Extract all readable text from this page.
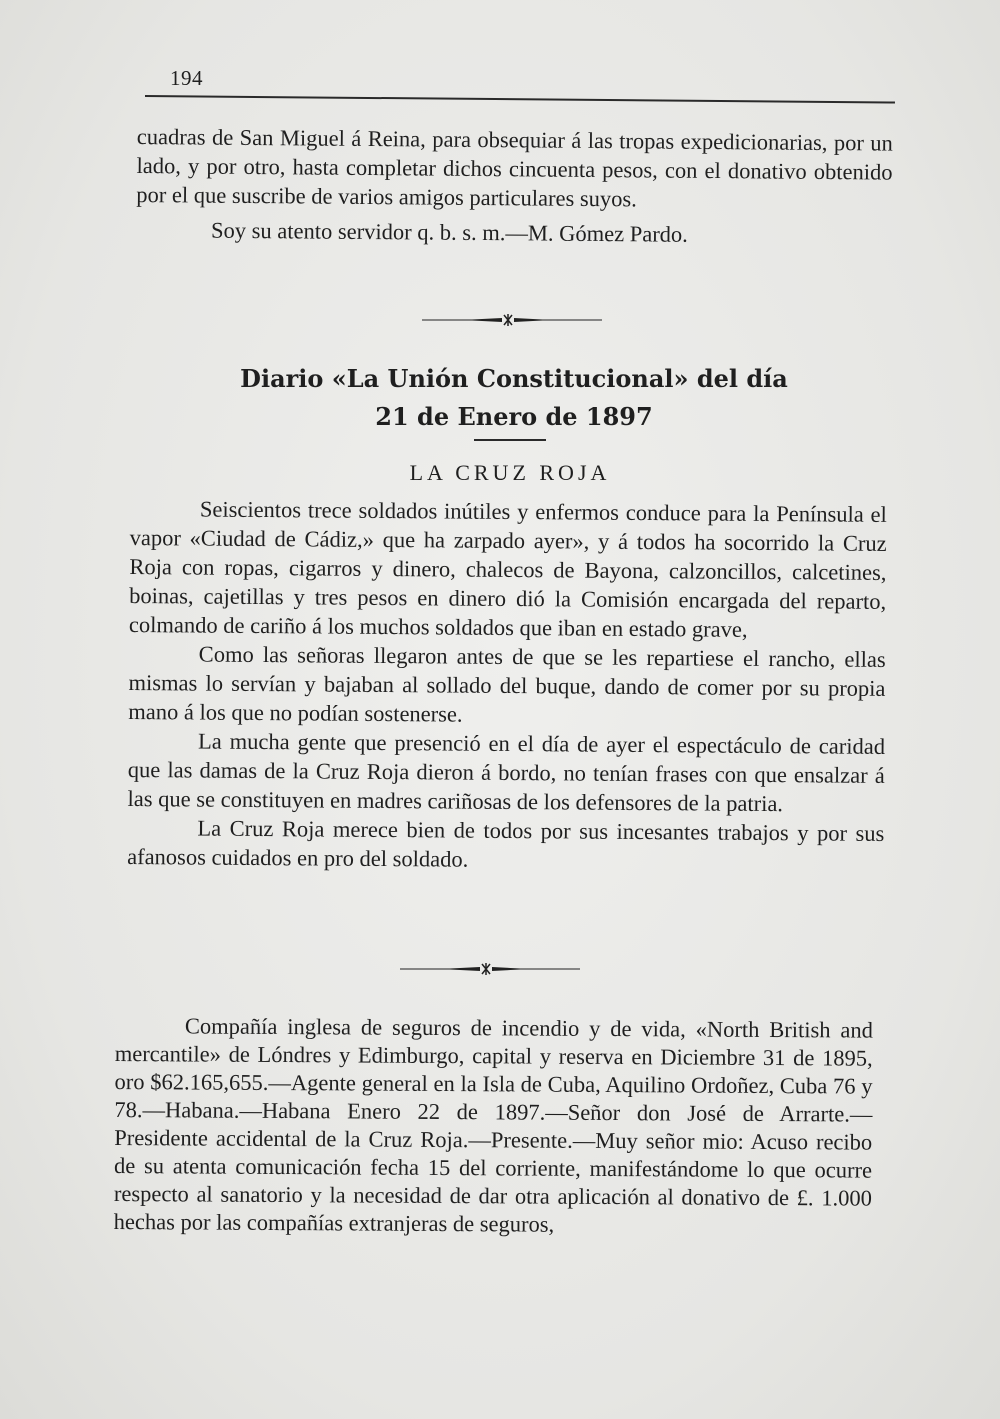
194

cuadras de San Miguel á Reina, para obsequiar á las tropas expedicionarias, por un lado, y por otro, hasta completar dichos cincuenta pesos, con el donativo obtenido por el que suscribe de varios amigos particulares suyos.

Soy su atento servidor q. b. s. m.—M. Gómez Pardo.

Diario «La Unión Constitucional» del día
21 de Enero de 1897
LA CRUZ ROJA

Seiscientos trece soldados inútiles y enfermos conduce para la Península el vapor «Ciudad de Cádiz,» que ha zarpado ayer», y á todos ha socorrido la Cruz Roja con ropas, cigarros y dinero, chalecos de Bayona, calzoncillos, calcetines, boinas, cajetillas y tres pesos en dinero dió la Comisión encargada del reparto, colmando de cariño á los muchos soldados que iban en estado grave,

Como las señoras llegaron antes de que se les repartiese el rancho, ellas mismas lo servían y bajaban al sollado del buque, dando de comer por su propia mano á los que no podían sostenerse.

La mucha gente que presenció en el día de ayer el espectáculo de caridad que las damas de la Cruz Roja dieron á bordo, no tenían frases con que ensalzar á las que se constituyen en madres cariñosas de los defensores de la patria.

La Cruz Roja merece bien de todos por sus incesantes trabajos y por sus afanosos cuidados en pro del soldado.

Compañía inglesa de seguros de incendio y de vida, «North British and mercantile» de Lóndres y Edimburgo, capital y reserva en Diciembre 31 de 1895, oro $62.165,655.—Agente general en la Isla de Cuba, Aquilino Ordoñez, Cuba 76 y 78.—Habana.—Habana Enero 22 de 1897.—Señor don José de Arrarte.—Presidente accidental de la Cruz Roja.—Presente.—Muy señor mio: Acuso recibo de su atenta comunicación fecha 15 del corriente, manifestándome lo que ocurre respecto al sanatorio y la necesidad de dar otra aplicación al donativo de £. 1.000 hechas por las compañías extranjeras de seguros,
